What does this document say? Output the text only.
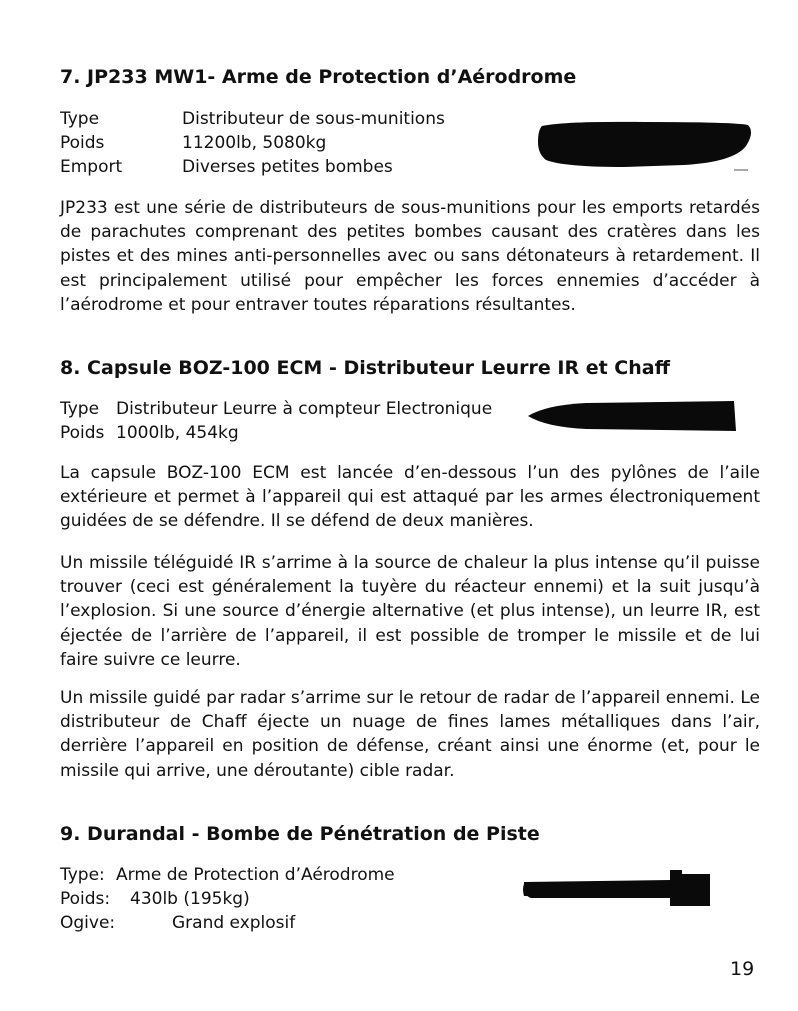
7. JP233 MW1- Arme de Protection d’Aérodrome
Type	Distributeur de sous-munitions
Poids	11200lb, 5080kg
Emport	Diverses petites bombes

JP233 est une série de distributeurs de sous-munitions pour les emports retardés de parachutes comprenant des petites bombes causant des cratères dans les pistes et des mines anti-personnelles avec ou sans détonateurs à retardement. Il est principalement utilisé pour empêcher les forces ennemies d’accéder à l’aérodrome et pour entraver toutes réparations résultantes.

8. Capsule BOZ-100 ECM - Distributeur Leurre IR et Chaff
Type Distributeur Leurre à compteur Electronique
Poids 1000lb, 454kg

La capsule BOZ-100 ECM est lancée d’en-dessous l’un des pylônes de l’aile extérieure et permet à l’appareil qui est attaqué par les armes électroniquement guidées de se défendre. Il se défend de deux manières.

Un missile téléguidé IR s’arrime à la source de chaleur la plus intense qu’il puisse trouver (ceci est généralement la tuyère du réacteur ennemi) et la suit jusqu’à l’explosion. Si une source d’énergie alternative (et plus intense), un leurre IR, est éjectée de l’arrière de l’appareil, il est possible de tromper le missile et de lui faire suivre ce leurre.

Un missile guidé par radar s’arrime sur le retour de radar de l’appareil ennemi. Le distributeur de Chaff éjecte un nuage de fines lames métalliques dans l’air, derrière l’appareil en position de défense, créant ainsi une énorme (et, pour le missile qui arrive, une déroutante) cible radar.

9. Durandal - Bombe de Pénétration de Piste
Type: Arme de Protection d’Aérodrome
Poids:	430lb (195kg)
Ogive:	Grand explosif
19
